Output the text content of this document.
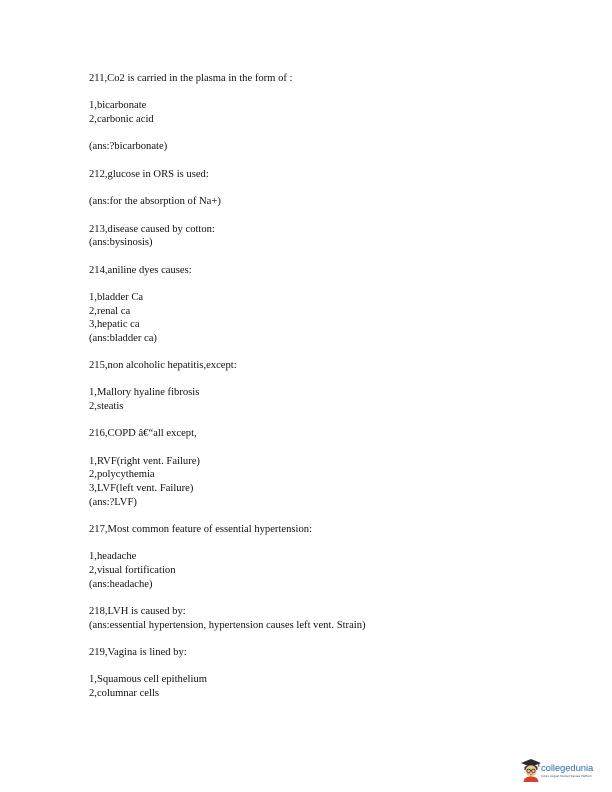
211,Co2 is carried in the plasma in the form of :

1,bicarbonate
2,carbonic acid

(ans:?bicarbonate)

212,glucose in ORS is used:

(ans:for the absorption of Na+)

213,disease caused by cotton:
(ans:bysinosis)

214,aniline dyes causes:

1,bladder Ca
2,renal ca
3,hepatic ca
(ans:bladder ca)

215,non alcoholic hepatitis,except:

1,Mallory hyaline fibrosis
2,steatis

216,COPD â€“all except,

1,RVF(right vent. Failure)
2,polycythemia
3,LVF(left vent. Failure)
(ans:?LVF)

217,Most common feature of essential hypertension:

1,headache
2,visual fortification
(ans:headache)

218,LVH is caused by:
(ans:essential hypertension, hypertension causes left vent. Strain)

219,Vagina is lined by:

1,Squamous cell epithelium
2,columnar cells

collegedunia
India's largest Student Review Platform
